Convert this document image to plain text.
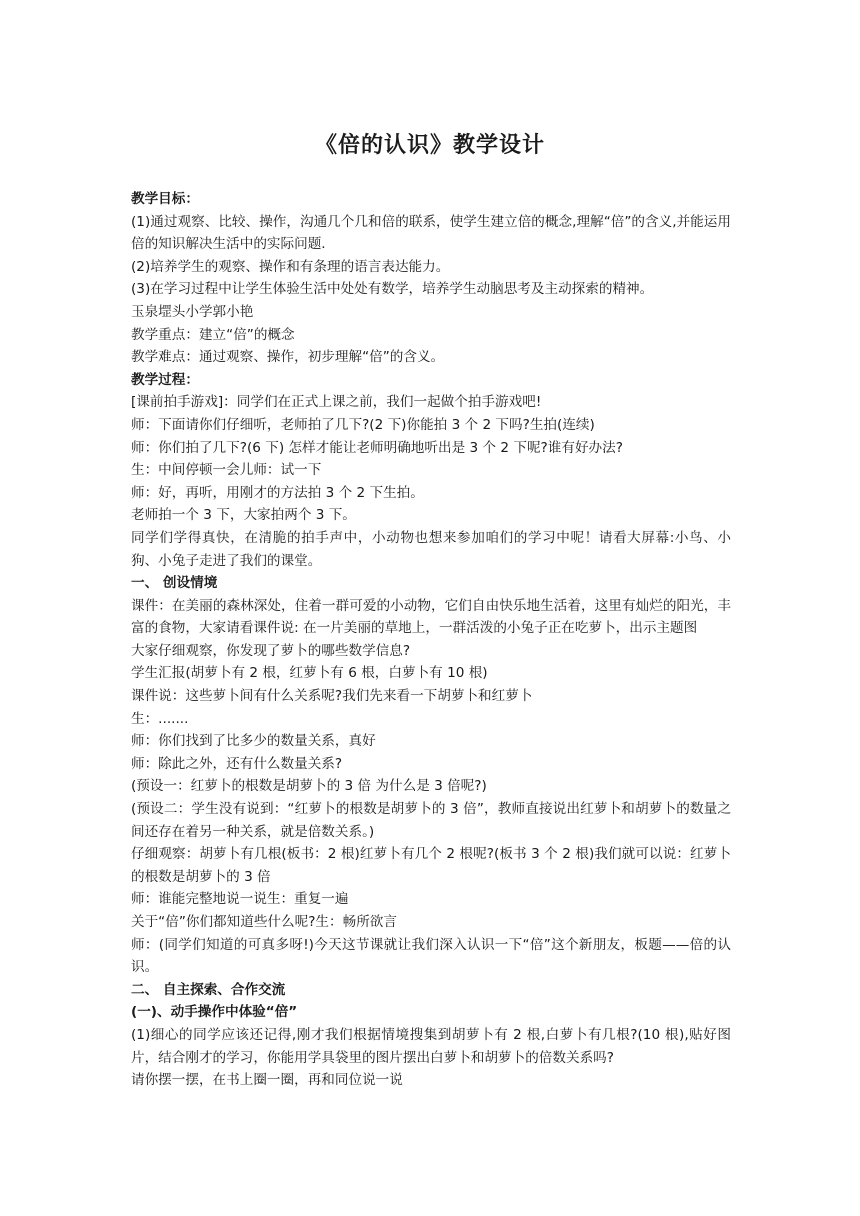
《倍的认识》教学设计

教学目标：

(1)通过观察、比较、操作，沟通几个几和倍的联系，使学生建立倍的概念,理解“倍”的含义,并能运用倍的知识解决生活中的实际问题.

(2)培养学生的观察、操作和有条理的语言表达能力。

(3)在学习过程中让学生体验生活中处处有数学，培养学生动脑思考及主动探索的精神。

玉泉堽头小学郭小艳

教学重点：建立“倍”的概念

教学难点：通过观察、操作，初步理解“倍”的含义。

教学过程：

[课前拍手游戏]：同学们在正式上课之前，我们一起做个拍手游戏吧!

师：下面请你们仔细听，老师拍了几下?(2 下)你能拍 3 个 2 下吗?生拍(连续)

师：你们拍了几下?(6 下) 怎样才能让老师明确地听出是 3 个 2 下呢?谁有好办法?

生：中间停顿一会儿师：试一下

师：好，再听，用刚才的方法拍 3 个 2 下生拍。

老师拍一个 3 下，大家拍两个 3 下。

同学们学得真快，在清脆的拍手声中，小动物也想来参加咱们的学习中呢！请看大屏幕:小鸟、小狗、小兔子走进了我们的课堂。

一、 创设情境

课件：在美丽的森林深处，住着一群可爱的小动物，它们自由快乐地生活着，这里有灿烂的阳光，丰富的食物，大家请看课件说: 在一片美丽的草地上，一群活泼的小兔子正在吃萝卜，出示主题图

大家仔细观察，你发现了萝卜的哪些数学信息?

学生汇报(胡萝卜有 2 根，红萝卜有 6 根，白萝卜有 10 根)

课件说：这些萝卜间有什么关系呢?我们先来看一下胡萝卜和红萝卜

生：.......

师：你们找到了比多少的数量关系，真好

师：除此之外，还有什么数量关系?

(预设一：红萝卜的根数是胡萝卜的 3 倍 为什么是 3 倍呢?)

(预设二：学生没有说到：“红萝卜的根数是胡萝卜的 3 倍”，教师直接说出红萝卜和胡萝卜的数量之间还存在着另一种关系，就是倍数关系。)

仔细观察：胡萝卜有几根(板书：2 根)红萝卜有几个 2 根呢?(板书 3 个 2 根)我们就可以说：红萝卜的根数是胡萝卜的 3 倍

师：谁能完整地说一说生：重复一遍

关于“倍”你们都知道些什么呢?生：畅所欲言

师：(同学们知道的可真多呀!)今天这节课就让我们深入认识一下“倍”这个新朋友，板题——倍的认识。

二、 自主探索、合作交流

(一)、动手操作中体验“倍”

(1)细心的同学应该还记得,刚才我们根据情境搜集到胡萝卜有 2 根,白萝卜有几根?(10 根),贴好图片，结合刚才的学习，你能用学具袋里的图片摆出白萝卜和胡萝卜的倍数关系吗?

请你摆一摆，在书上圈一圈，再和同位说一说
